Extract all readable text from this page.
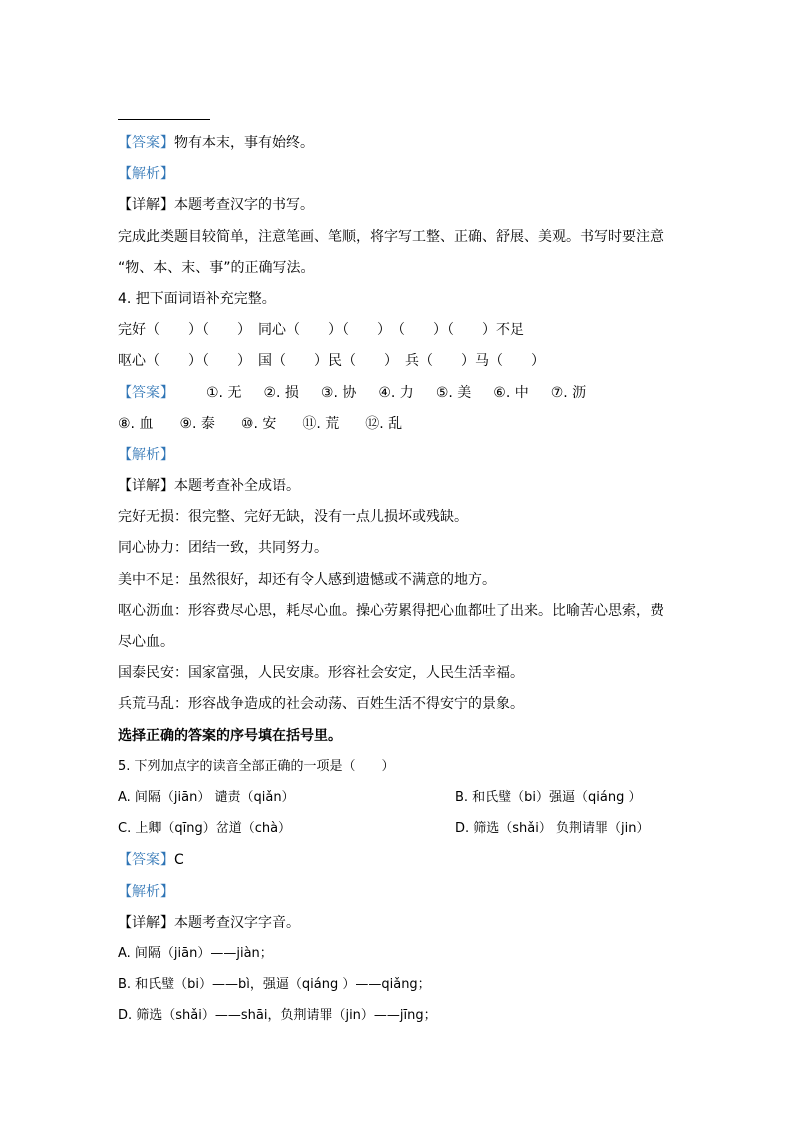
【答案】物有本末，事有始终。
【解析】
【详解】本题考查汉字的书写。
完成此类题目较简单，注意笔画、笔顺，将字写工整、正确、舒展、美观。书写时要注意
“物、本、末、事”的正确写法。
4. 把下面词语补充完整。
完好（　　）（　　）　同心（　　）（　　）　（　　）（　　）不足
呕心（　　）（　　）　国（　　）民（　　）　兵（　　）马（　　）
【答案】 ①. 无 ②. 损 ③. 协 ④. 力 ⑤. 美 ⑥. 中 ⑦. 沥
⑧. 血 ⑨. 泰 ⑩. 安 ⑪. 荒 ⑫. 乱
【解析】
【详解】本题考查补全成语。
完好无损：很完整、完好无缺，没有一点儿损坏或残缺。
同心协力：团结一致，共同努力。
美中不足：虽然很好，却还有令人感到遗憾或不满意的地方。
呕心沥血：形容费尽心思，耗尽心血。操心劳累得把心血都吐了出来。比喻苦心思索，费
尽心血。
国泰民安：国家富强，人民安康。形容社会安定，人民生活幸福。
兵荒马乱：形容战争造成的社会动荡、百姓生活不得安宁的景象。
选择正确的答案的序号填在括号里。
5. 下列加点字的读音全部正确的一项是（　　）
A. 间隔（jiān） 谴责（qiǎn）	B. 和氏璧（bi）强逼（qiáng ）
C. 上卿（qīng）岔道（chà）	D. 筛选（shǎi） 负荆请罪（jin）
【答案】C
【解析】
【详解】本题考查汉字字音。
A. 间隔（jiān）——jiàn；
B. 和氏璧（bi）——bì，强逼（qiáng ）——qiǎng；
D. 筛选（shǎi）——shāi，负荆请罪（jin）——jīng；
